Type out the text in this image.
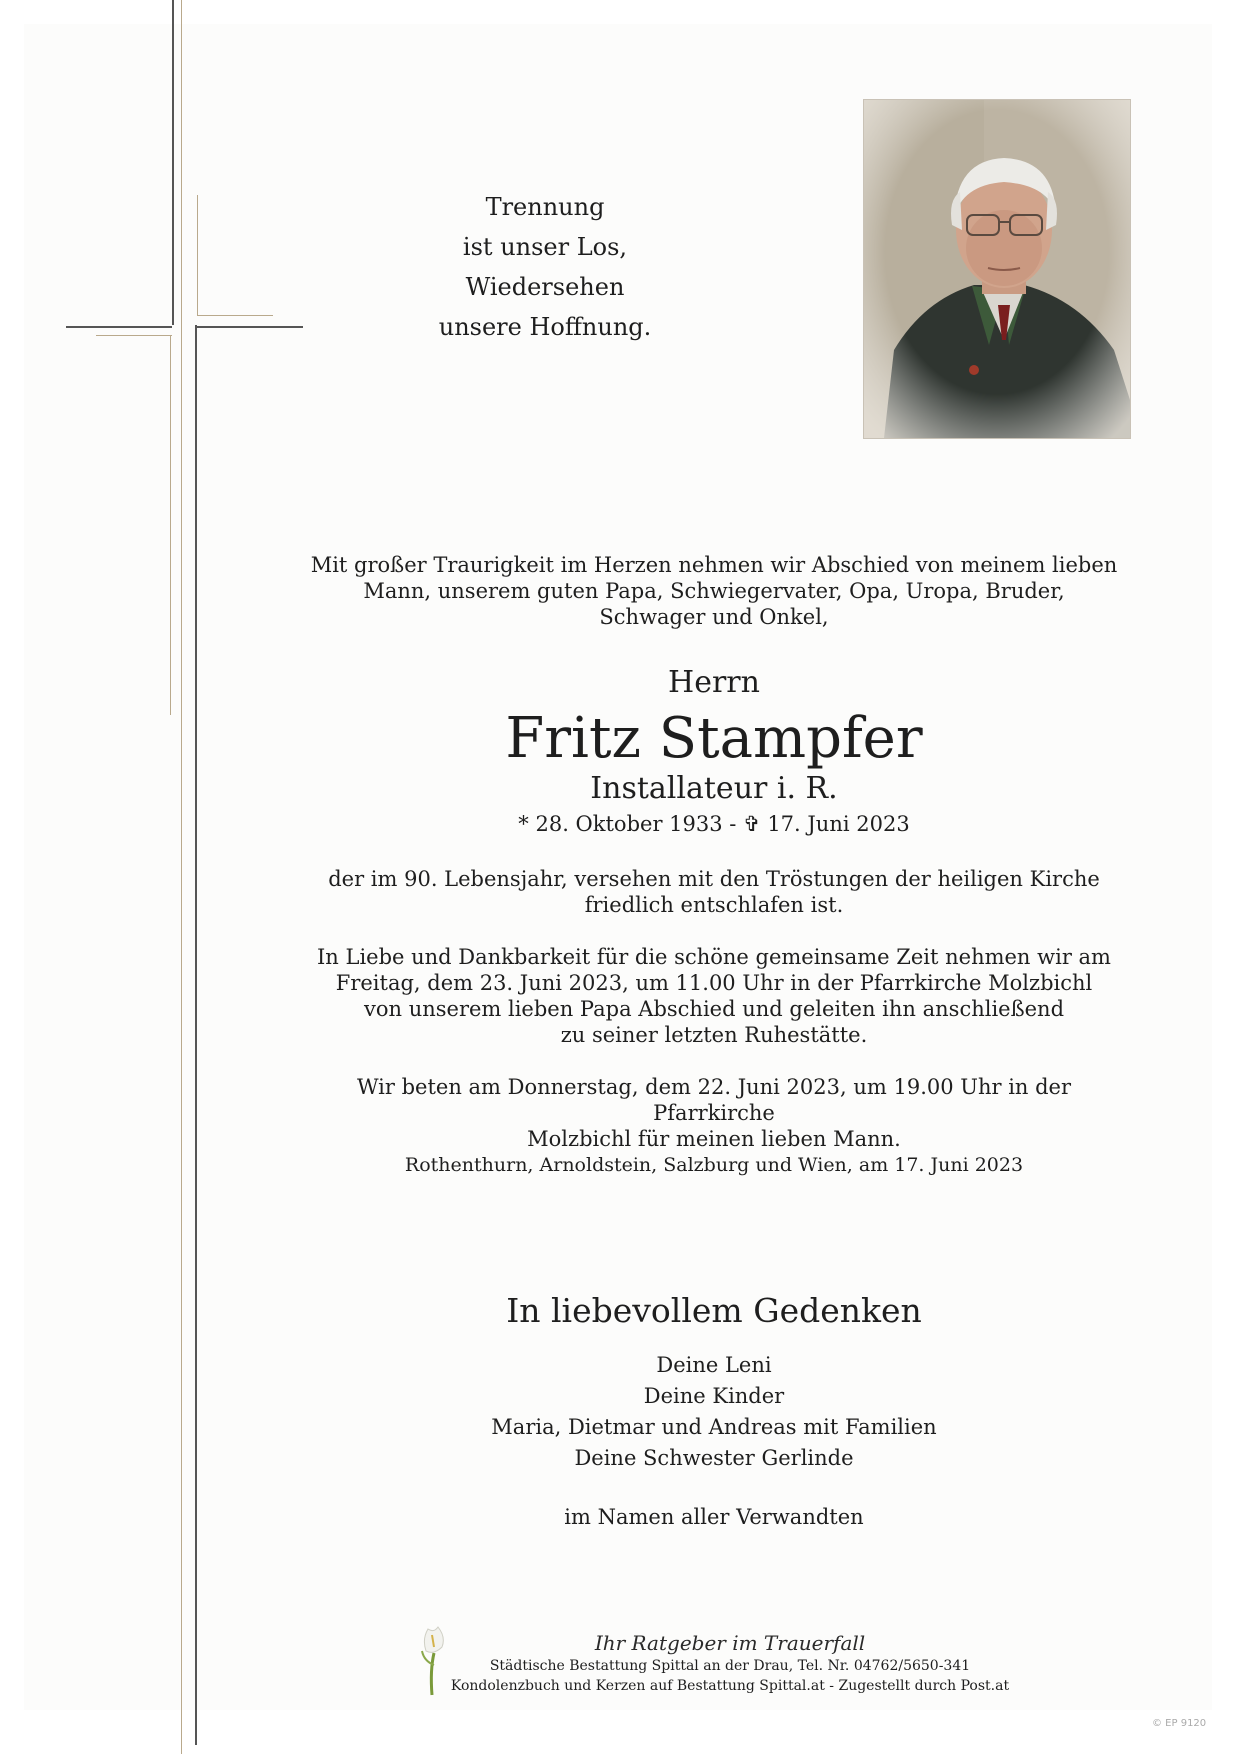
Trennung
ist unser Los,
Wiedersehen
unsere Hoffnung.
Mit großer Traurigkeit im Herzen nehmen wir Abschied von meinem lieben
Mann, unserem guten Papa, Schwiegervater, Opa, Uropa, Bruder,
Schwager und Onkel,
Herrn
Fritz Stampfer
Installateur i. R.
* 28. Oktober 1933 - ✞ 17. Juni 2023
der im 90. Lebensjahr, versehen mit den Tröstungen der heiligen Kirche
friedlich entschlafen ist.
In Liebe und Dankbarkeit für die schöne gemeinsame Zeit nehmen wir am
Freitag, dem 23. Juni 2023, um 11.00 Uhr in der Pfarrkirche Molzbichl
von unserem lieben Papa Abschied und geleiten ihn anschließend
zu seiner letzten Ruhestätte.
Wir beten am Donnerstag, dem 22. Juni 2023, um 19.00 Uhr in der Pfarrkirche
Molzbichl für meinen lieben Mann.
Rothenthurn, Arnoldstein, Salzburg und Wien, am 17. Juni 2023
In liebevollem Gedenken
Deine Leni
Deine Kinder
Maria, Dietmar und Andreas mit Familien
Deine Schwester Gerlinde
im Namen aller Verwandten
Ihr Ratgeber im Trauerfall
Städtische Bestattung Spittal an der Drau, Tel. Nr. 04762/5650-341
Kondolenzbuch und Kerzen auf Bestattung Spittal.at - Zugestellt durch Post.at
© EP 9120
